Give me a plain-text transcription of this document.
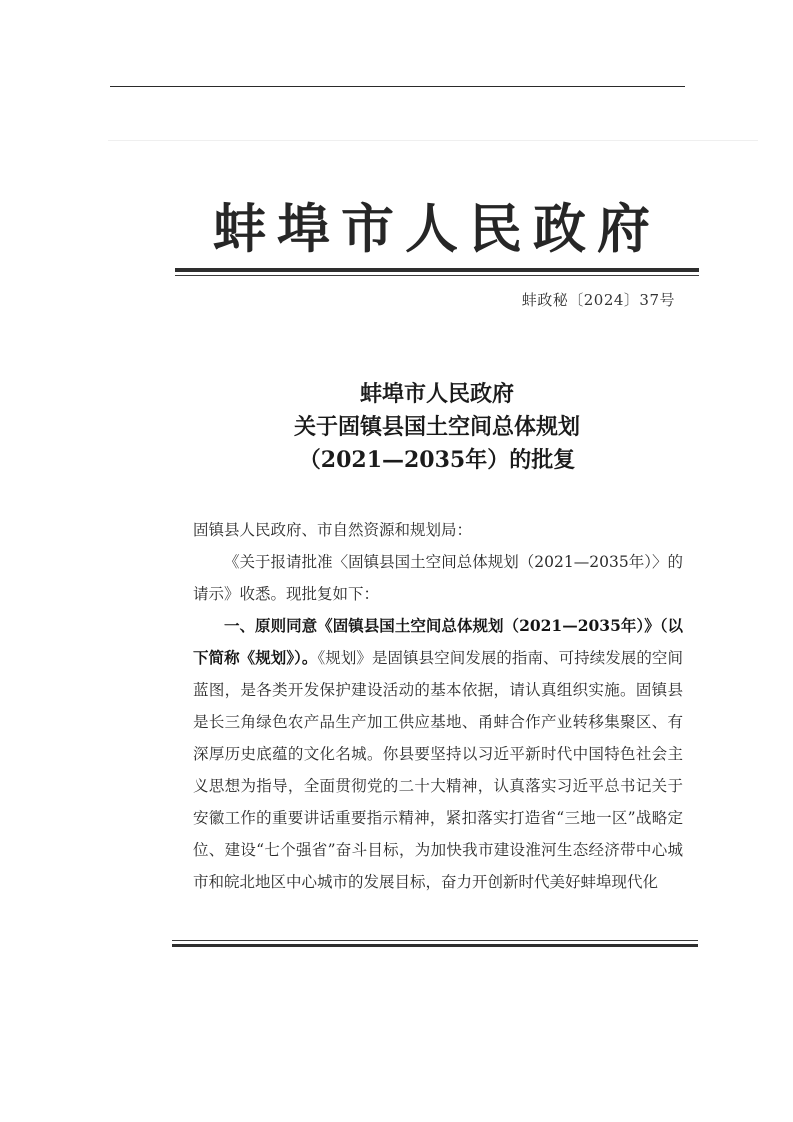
蚌埠市人民政府
蚌政秘〔2024〕37号
蚌埠市人民政府
关于固镇县国土空间总体规划
（2021—2035年）的批复

固镇县人民政府、市自然资源和规划局：

《关于报请批准〈固镇县国土空间总体规划（2021—2035年）〉的请示》收悉。现批复如下：

一、原则同意《固镇县国土空间总体规划（2021—2035年）》（以下简称《规划》）。《规划》是固镇县空间发展的指南、可持续发展的空间蓝图，是各类开发保护建设活动的基本依据，请认真组织实施。固镇县是长三角绿色农产品生产加工供应基地、甬蚌合作产业转移集聚区、有深厚历史底蕴的文化名城。你县要坚持以习近平新时代中国特色社会主义思想为指导，全面贯彻党的二十大精神，认真落实习近平总书记关于安徽工作的重要讲话重要指示精神，紧扣落实打造省“三地一区”战略定位、建设“七个强省”奋斗目标，为加快我市建设淮河生态经济带中心城市和皖北地区中心城市的发展目标，奋力开创新时代美好蚌埠现代化
